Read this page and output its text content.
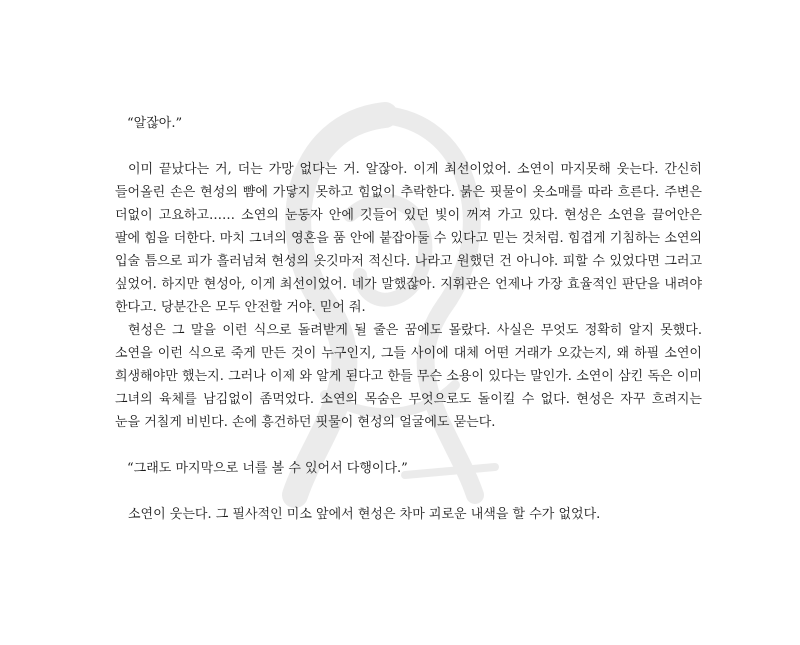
“알잖아.”

이미 끝났다는 거, 더는 가망 없다는 거. 알잖아. 이게 최선이었어. 소연이 마지못해 웃는다. 간신히 들어올린 손은 현성의 뺨에 가닿지 못하고 힘없이 추락한다. 붉은 핏물이 옷소매를 따라 흐른다. 주변은 더없이 고요하고…… 소연의 눈동자 안에 깃들어 있던 빛이 꺼져 가고 있다. 현성은 소연을 끌어안은 팔에 힘을 더한다. 마치 그녀의 영혼을 품 안에 붙잡아둘 수 있다고 믿는 것처럼. 힘겹게 기침하는 소연의 입술 틈으로 피가 흘러넘쳐 현성의 옷깃마저 적신다. 나라고 원했던 건 아니야. 피할 수 있었다면 그러고 싶었어. 하지만 현성아, 이게 최선이었어. 네가 말했잖아. 지휘관은 언제나 가장 효율적인 판단을 내려야 한다고. 당분간은 모두 안전할 거야. 믿어 줘.

현성은 그 말을 이런 식으로 돌려받게 될 줄은 꿈에도 몰랐다. 사실은 무엇도 정확히 알지 못했다. 소연을 이런 식으로 죽게 만든 것이 누구인지, 그들 사이에 대체 어떤 거래가 오갔는지, 왜 하필 소연이 희생해야만 했는지. 그러나 이제 와 알게 된다고 한들 무슨 소용이 있다는 말인가. 소연이 삼킨 독은 이미 그녀의 육체를 남김없이 좀먹었다. 소연의 목숨은 무엇으로도 돌이킬 수 없다. 현성은 자꾸 흐려지는 눈을 거칠게 비빈다. 손에 흥건하던 핏물이 현성의 얼굴에도 묻는다.

“그래도 마지막으로 너를 볼 수 있어서 다행이다.”

소연이 웃는다. 그 필사적인 미소 앞에서 현성은 차마 괴로운 내색을 할 수가 없었다.
